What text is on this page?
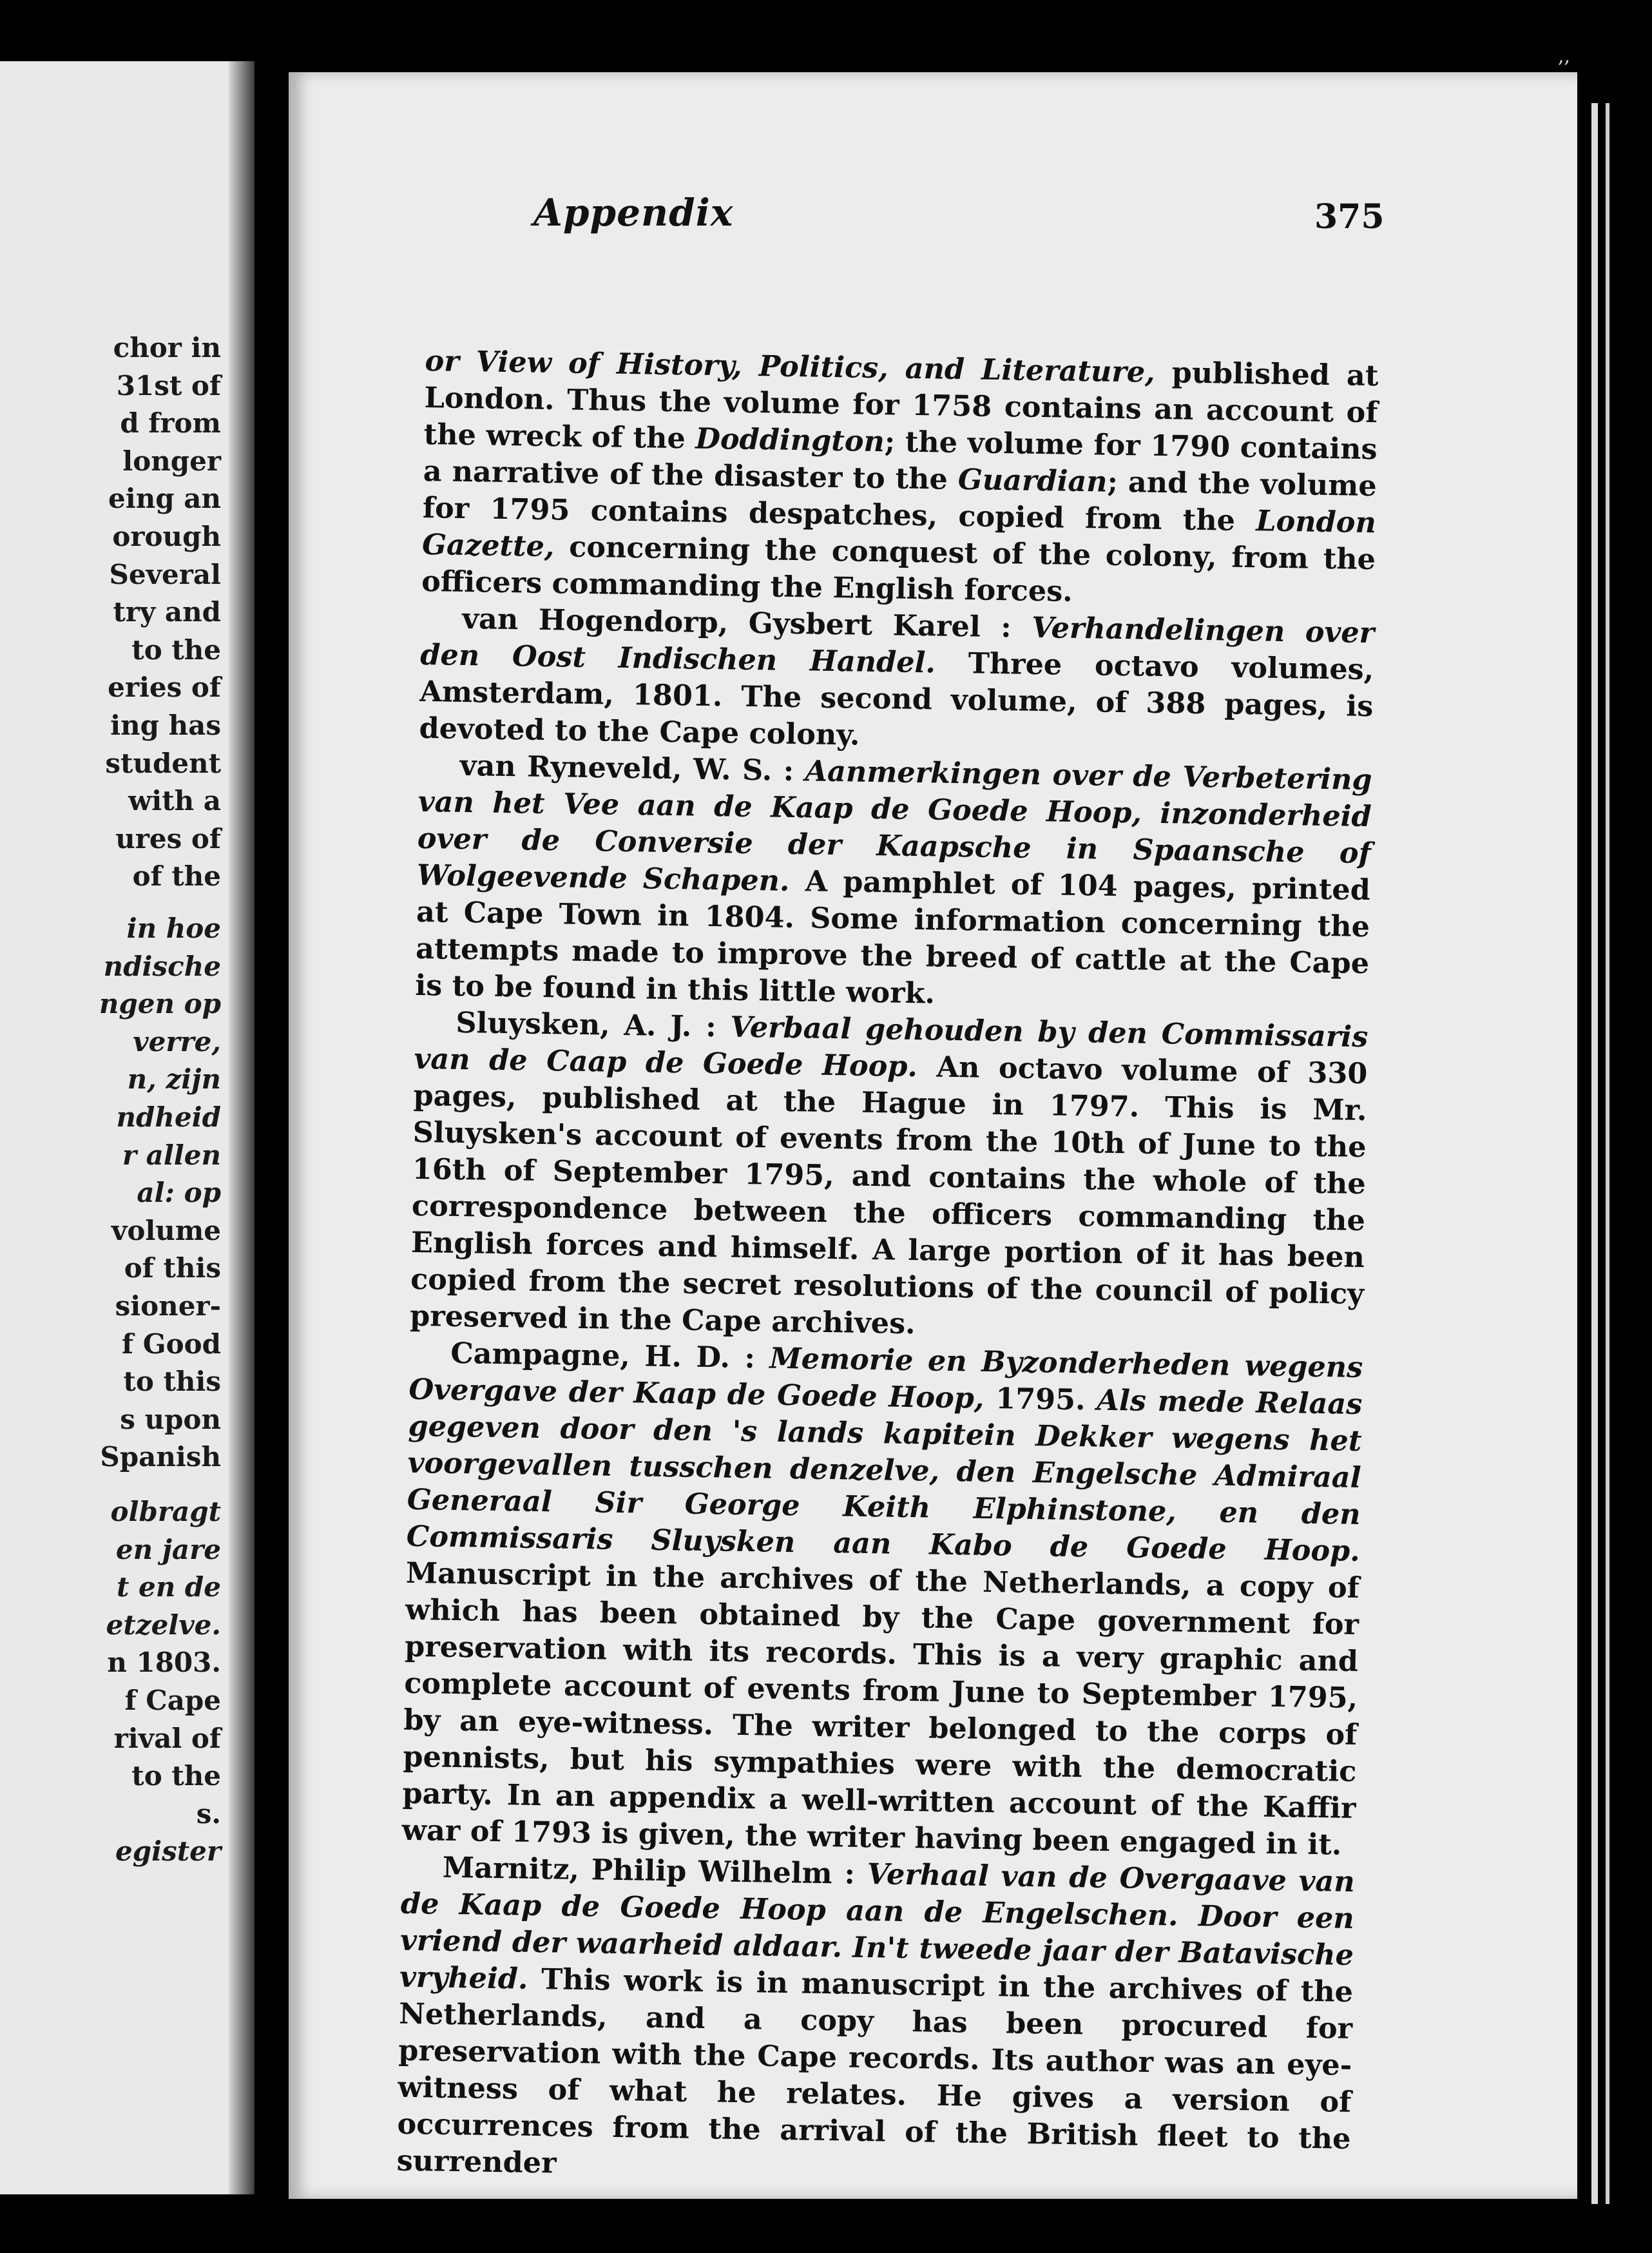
chor in
31st of
d from
longer
eing an
orough
Several
try and
to the
eries of
ing has
student
with a
ures of
of the
in hoe
ndische
ngen op
verre,
n, zijn
ndheid
r allen
al: op
volume
of this
sioner-
f Good
to this
s upon
Spanish
olbragt
en jare
t en de
etzelve.
n 1803.
f Cape
rival of
to the
s.
egister
,,
Appendix	375

or View of History, Politics, and Literature, published at London. Thus the volume for 1758 contains an account of the wreck of the Doddington; the volume for 1790 contains a narrative of the disaster to the Guardian; and the volume for 1795 contains despatches, copied from the London Gazette, concerning the conquest of the colony, from the officers commanding the English forces.

van Hogendorp, Gysbert Karel : Verhandelingen over den Oost Indischen Handel. Three octavo volumes, Amsterdam, 1801. The second volume, of 388 pages, is devoted to the Cape colony.

van Ryneveld, W. S. : Aanmerkingen over de Verbetering van het Vee aan de Kaap de Goede Hoop, inzonderheid over de Conversie der Kaapsche in Spaansche of Wolgeevende Schapen. A pamphlet of 104 pages, printed at Cape Town in 1804. Some information concerning the attempts made to improve the breed of cattle at the Cape is to be found in this little work.

Sluysken, A. J. : Verbaal gehouden by den Commissaris van de Caap de Goede Hoop. An octavo volume of 330 pages, published at the Hague in 1797. This is Mr. Sluysken's account of events from the 10th of June to the 16th of September 1795, and contains the whole of the correspondence between the officers commanding the English forces and himself. A large portion of it has been copied from the secret resolutions of the council of policy preserved in the Cape archives.

Campagne, H. D. : Memorie en Byzonderheden wegens Overgave der Kaap de Goede Hoop, 1795. Als mede Relaas gegeven door den 's lands kapitein Dekker wegens het voorgevallen tusschen denzelve, den Engelsche Admiraal Generaal Sir George Keith Elphinstone, en den Commissaris Sluysken aan Kabo de Goede Hoop. Manuscript in the archives of the Netherlands, a copy of which has been obtained by the Cape government for preservation with its records. This is a very graphic and complete account of events from June to September 1795, by an eye-witness. The writer belonged to the corps of pennists, but his sympathies were with the democratic party. In an appendix a well-written account of the Kaffir war of 1793 is given, the writer having been engaged in it.

Marnitz, Philip Wilhelm : Verhaal van de Overgaave van de Kaap de Goede Hoop aan de Engelschen. Door een vriend der waarheid aldaar. In't tweede jaar der Batavische vryheid. This work is in manuscript in the archives of the Netherlands, and a copy has been procured for preservation with the Cape records. Its author was an eye-witness of what he relates. He gives a version of occurrences from the arrival of the British fleet to the surrender
